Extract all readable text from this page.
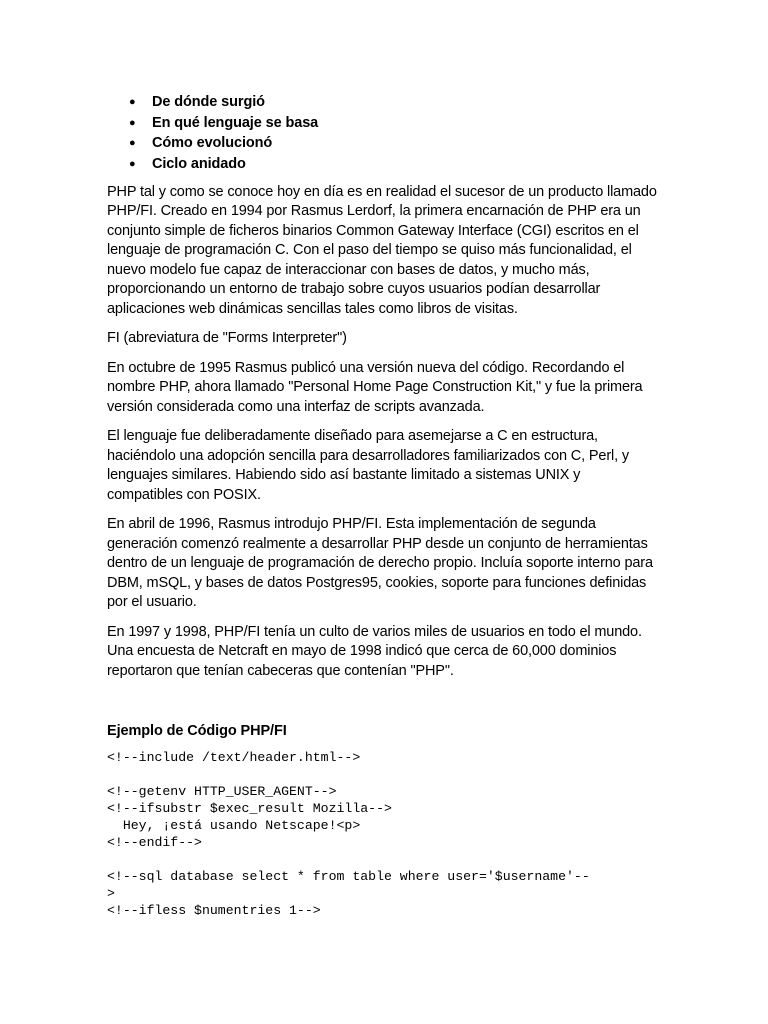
● De dónde surgió
● En qué lenguaje se basa
● Cómo evolucionó
● Ciclo anidado

PHP tal y como se conoce hoy en día es en realidad el sucesor de un producto llamado PHP/FI. Creado en 1994 por Rasmus Lerdorf, la primera encarnación de PHP era un conjunto simple de ficheros binarios Common Gateway Interface (CGI) escritos en el lenguaje de programación C. Con el paso del tiempo se quiso más funcionalidad, el nuevo modelo fue capaz de interaccionar con bases de datos, y mucho más, proporcionando un entorno de trabajo sobre cuyos usuarios podían desarrollar aplicaciones web dinámicas sencillas tales como libros de visitas.

FI (abreviatura de "Forms Interpreter")

En octubre de 1995 Rasmus publicó una versión nueva del código. Recordando el nombre PHP, ahora llamado "Personal Home Page Construction Kit," y fue la primera versión considerada como una interfaz de scripts avanzada.

El lenguaje fue deliberadamente diseñado para asemejarse a C en estructura, haciéndolo una adopción sencilla para desarrolladores familiarizados con C, Perl, y lenguajes similares. Habiendo sido así bastante limitado a sistemas UNIX y compatibles con POSIX.

En abril de 1996, Rasmus introdujo PHP/FI. Esta implementación de segunda generación comenzó realmente a desarrollar PHP desde un conjunto de herramientas dentro de un lenguaje de programación de derecho propio. Incluía soporte interno para DBM, mSQL, y bases de datos Postgres95, cookies, soporte para funciones definidas por el usuario.

En 1997 y 1998, PHP/FI tenía un culto de varios miles de usuarios en todo el mundo. Una encuesta de Netcraft en mayo de 1998 indicó que cerca de 60,000 dominios reportaron que tenían cabeceras que contenían "PHP".

Ejemplo de Código PHP/FI
<!--include /text/header.html-->

<!--getenv HTTP_USER_AGENT-->
<!--ifsubstr $exec_result Mozilla-->
Hey, ¡está usando Netscape!<p>
<!--endif-->

<!--sql database select * from table where user='$username'--
>
<!--ifless $numentries 1-->
